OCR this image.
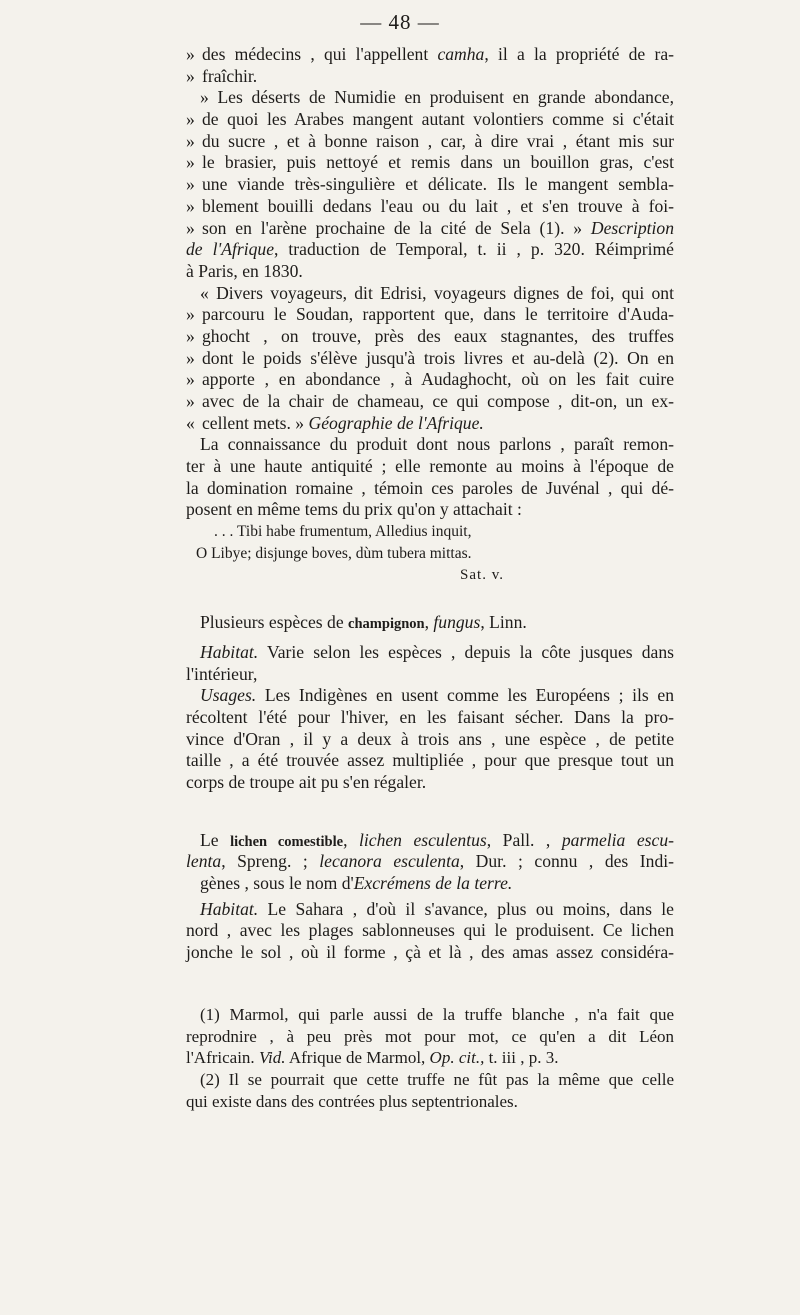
— 48 —
» des médecins , qui l'appellent camha, il a la propriété de ra-
» fraîchir.
» Les déserts de Numidie en produisent en grande abondance,
» de quoi les Arabes mangent autant volontiers comme si c'était
» du sucre , et à bonne raison , car, à dire vrai , étant mis sur
» le brasier, puis nettoyé et remis dans un bouillon gras, c'est
» une viande très-singulière et délicate. Ils le mangent sembla-
» blement bouilli dedans l'eau ou du lait , et s'en trouve à foi-
» son en l'arène prochaine de la cité de Sela (1). » Description
de l'Afrique, traduction de Temporal, t. ii , p. 320. Réimprimé
à Paris, en 1830.
« Divers voyageurs, dit Edrisi, voyageurs dignes de foi, qui ont
» parcouru le Soudan, rapportent que, dans le territoire d'Auda-
» ghocht , on trouve, près des eaux stagnantes, des truffes
» dont le poids s'élève jusqu'à trois livres et au-delà (2). On en
» apporte , en abondance , à Audaghocht, où on les fait cuire
» avec de la chair de chameau, ce qui compose , dit-on, un ex-
« cellent mets. » Géographie de l'Afrique.
La connaissance du produit dont nous parlons , paraît remon-
ter à une haute antiquité ; elle remonte au moins à l'époque de
la domination romaine , témoin ces paroles de Juvénal , qui dé-
posent en même tems du prix qu'on y attachait :
. . . Tibi habe frumentum, Alledius inquit,
O Libye; disjunge boves, dùm tubera mittas.
Sat. v.
Plusieurs espèces de champignon, fungus, Linn.
Habitat. Varie selon les espèces , depuis la côte jusques dans
l'intérieur,
Usages. Les Indigènes en usent comme les Européens ; ils en
récoltent l'été pour l'hiver, en les faisant sécher. Dans la pro-
vince d'Oran , il y a deux à trois ans , une espèce , de petite
taille , a été trouvée assez multipliée , pour que presque tout un
corps de troupe ait pu s'en régaler.
Le lichen comestible, lichen esculentus, Pall. , parmelia escu-
lenta, Spreng. ; lecanora esculenta, Dur. ; connu , des Indi-
gènes , sous le nom d'Excrémens de la terre.
Habitat. Le Sahara , d'où il s'avance, plus ou moins, dans le
nord , avec les plages sablonneuses qui le produisent. Ce lichen
jonche le sol , où il forme , çà et là , des amas assez considéra-
(1) Marmol, qui parle aussi de la truffe blanche , n'a fait que
reprodnire , à peu près mot pour mot, ce qu'en a dit Léon
l'Africain. Vid. Afrique de Marmol, Op. cit., t. iii , p. 3.
(2) Il se pourrait que cette truffe ne fût pas la même que celle
qui existe dans des contrées plus septentrionales.
